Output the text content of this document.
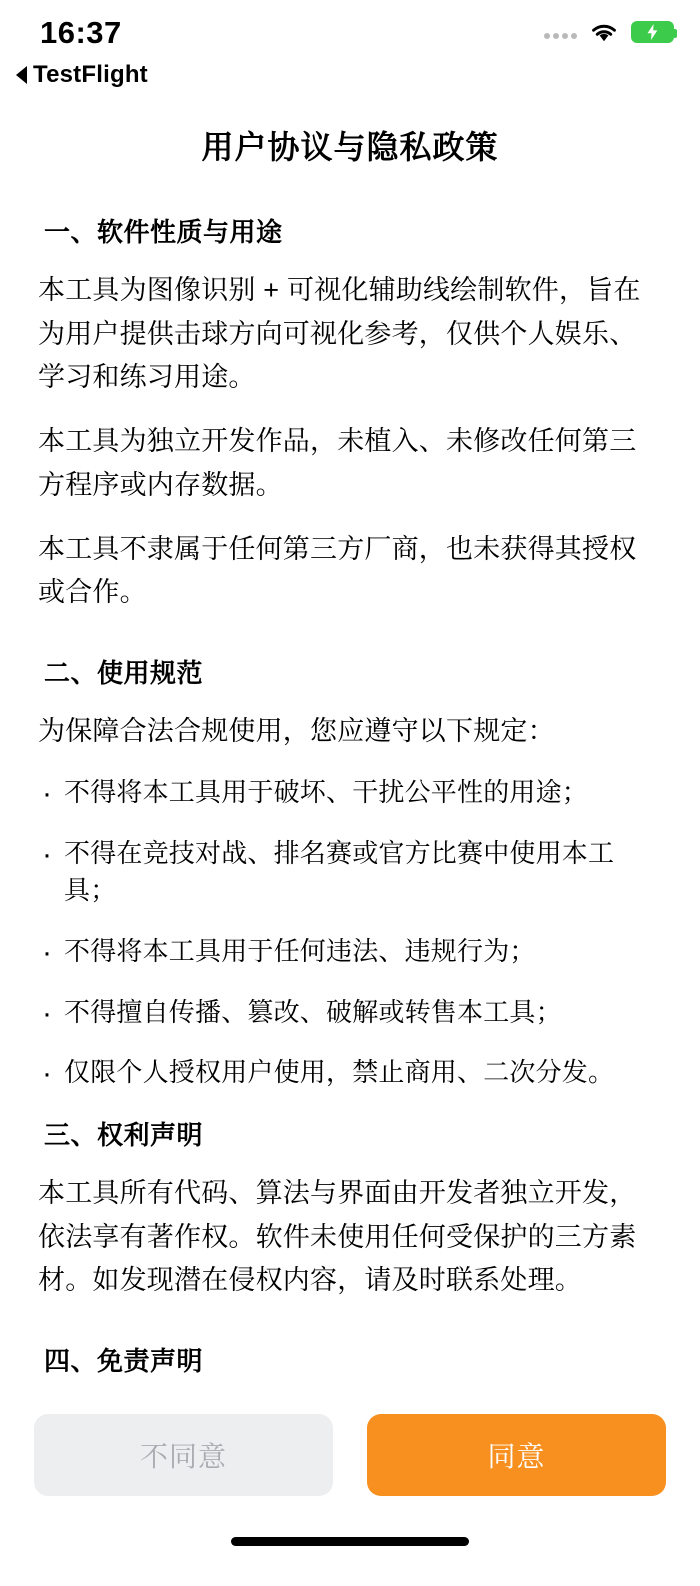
16:37
TestFlight
用户协议与隐私政策
一、软件性质与用途

本工具为图像识别 + 可视化辅助线绘制软件，旨在为用户提供击球方向可视化参考，仅供个人娱乐、学习和练习用途。

本工具为独立开发作品，未植入、未修改任何第三方程序或内存数据。

本工具不隶属于任何第三方厂商，也未获得其授权或合作。

二、使用规范

为保障合法合规使用，您应遵守以下规定：

· 不得将本工具用于破坏、干扰公平性的用途；
· 不得在竞技对战、排名赛或官方比赛中使用本工具；
· 不得将本工具用于任何违法、违规行为；
· 不得擅自传播、篡改、破解或转售本工具；
· 仅限个人授权用户使用，禁止商用、二次分发。
三、权利声明

本工具所有代码、算法与界面由开发者独立开发，依法享有著作权。软件未使用任何受保护的三方素材。如发现潜在侵权内容，请及时联系处理。

四、免责声明
不同意	同意
